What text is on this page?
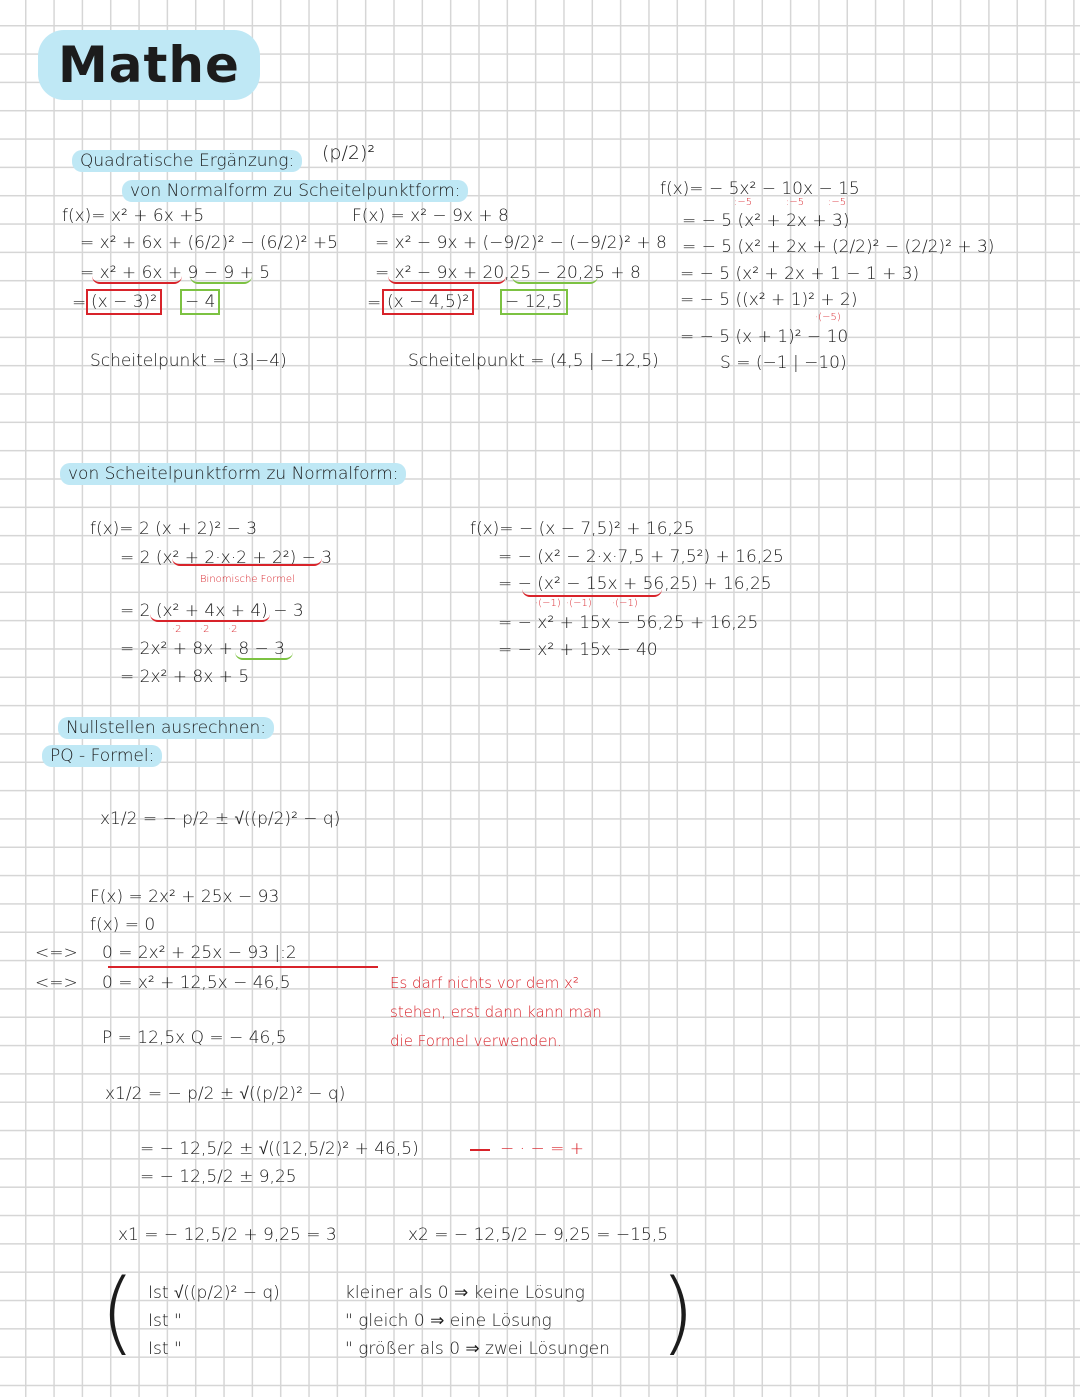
Mathe
Quadratische Ergänzung:	(p/2)²
von Normalform zu Scheitelpunktform:
f(x)= x² + 6x +5
= x² + 6x + (6/2)² − (6/2)² +5
= x² + 6x + 9 − 9 + 5
= (x − 3)² − 4
Scheitelpunkt = (3|−4)
F(x) = x² − 9x + 8
= x² − 9x + (−9/2)² − (−9/2)² + 8
= x² − 9x + 20,25 − 20,25 + 8
= (x − 4,5)² − 12,5
Scheitelpunkt = (4,5 | −12,5)
f(x)= − 5x² − 10x − 15
:−5	:−5 :−5
= − 5 (x² + 2x + 3)
= − 5 (x² + 2x + (2/2)² − (2/2)² + 3)
= − 5 (x² + 2x + 1 − 1 + 3)
= − 5 ((x² + 1)² + 2)
·(−5)
= − 5 (x + 1)² − 10
S = (−1 | −10)
von Scheitelpunktform zu Normalform:
f(x)= 2 (x + 2)² − 3
= 2 (x² + 2·x·2 + 2²) − 3
Binomische Formel
= 2 (x² + 4x + 4) − 3
·2 ·2 ·2
= 2x² + 8x + 8 − 3
= 2x² + 8x + 5
f(x)= − (x − 7,5)² + 16,25
= − (x² − 2·x·7,5 + 7,5²) + 16,25
= − (x² − 15x + 56,25) + 16,25
·(−1) ·(−1) ·(−1)
= − x² + 15x − 56,25 + 16,25
= − x² + 15x − 40
Nullstellen ausrechnen:
PQ - Formel:
x1/2 = − p/2 ± √((p/2)² − q)
F(x) = 2x² + 25x − 93
f(x) = 0
<=> 0 = 2x² + 25x − 93 |:2
<=> 0 = x² + 12,5x − 46,5	Es darf nichts vor dem x²
stehen, erst dann kann man
die Formel verwenden.
P = 12,5x Q = − 46,5
x1/2 = − p/2 ± √((p/2)² − q)
= − 12,5/2 ± √((12,5/2)² + 46,5)	− · − = +
= − 12,5/2 ± 9,25
x1 = − 12,5/2 + 9,25 = 3	x2 = − 12,5/2 − 9,25 = −15,5
(	)
Ist √((p/2)² − q)	kleiner als 0 ⇒ keine Lösung
Ist "	" gleich 0 ⇒ eine Lösung
Ist "	" größer als 0 ⇒ zwei Lösungen
